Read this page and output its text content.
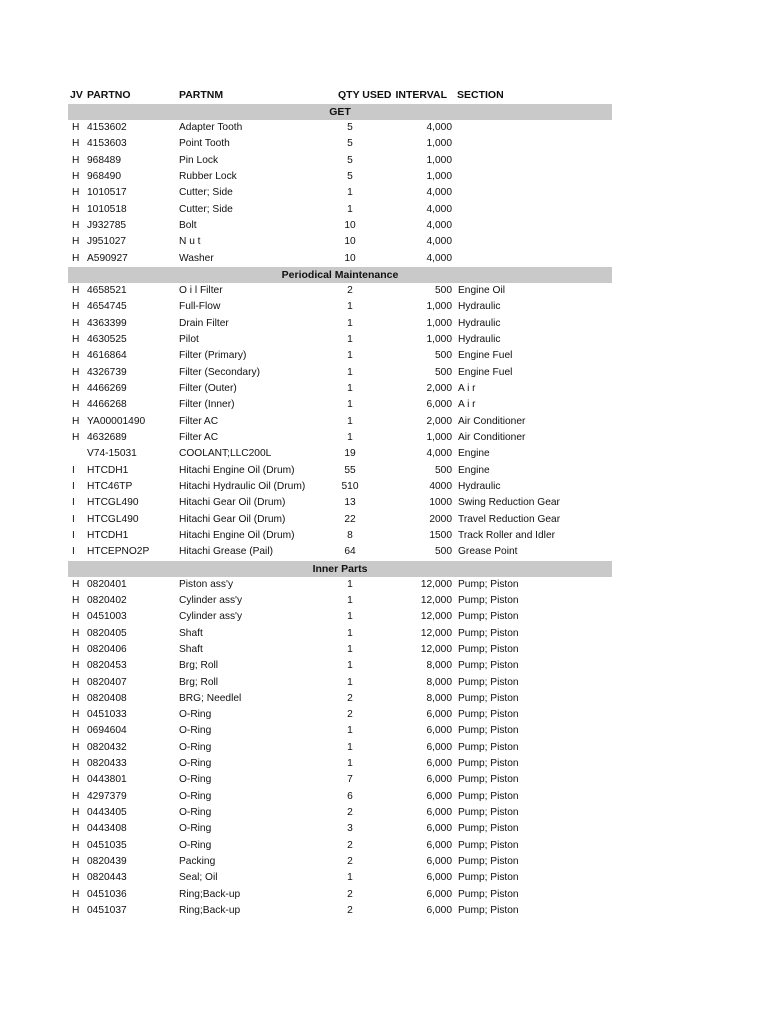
JV PARTNO	PARTNM	QTY USED INTERVAL SECTION
GET
H 4153602	Adapter Tooth	5	4,000
H 4153603	Point Tooth	5	1,000
H 968489	Pin Lock	5	1,000
H 968490	Rubber Lock	5	1,000
H 1010517	Cutter; Side	1	4,000
H 1010518	Cutter; Side	1	4,000
H J932785	Bolt	10	4,000
H J951027	N u t	10	4,000
H A590927	Washer	10	4,000
Periodical Maintenance
H 4658521	O i l Filter	2	500 Engine Oil
H 4654745	Full-Flow	1	1,000 Hydraulic
H 4363399	Drain Filter	1	1,000 Hydraulic
H 4630525	Pilot	1	1,000 Hydraulic
H 4616864	Filter (Primary)	1	500 Engine Fuel
H 4326739	Filter (Secondary)	1	500 Engine Fuel
H 4466269	Filter (Outer)	1	2,000 A i r
H 4466268	Filter (Inner)	1	6,000 A i r
H YA00001490	Filter AC	1	2,000 Air Conditioner
H 4632689	Filter AC	1	1,000 Air Conditioner
V74-15031	COOLANT;LLC200L	19	4,000 Engine
I	HTCDH1	Hitachi Engine Oil (Drum)	55	500 Engine
I	HTC46TP	Hitachi Hydraulic Oil (Drum)	510	4000 Hydraulic
I	HTCGL490	Hitachi Gear Oil (Drum)	13	1000 Swing Reduction Gear
I	HTCGL490	Hitachi Gear Oil (Drum)	22	2000 Travel Reduction Gear
I	HTCDH1	Hitachi Engine Oil (Drum)	8	1500 Track Roller and Idler
I	HTCEPNO2P	Hitachi Grease (Pail)	64	500 Grease Point
Inner Parts
H 0820401	Piston ass'y	1	12,000 Pump; Piston
H 0820402	Cylinder ass'y	1	12,000 Pump; Piston
H 0451003	Cylinder ass'y	1	12,000 Pump; Piston
H 0820405	Shaft	1	12,000 Pump; Piston
H 0820406	Shaft	1	12,000 Pump; Piston
H 0820453	Brg; Roll	1	8,000 Pump; Piston
H 0820407	Brg; Roll	1	8,000 Pump; Piston
H 0820408	BRG; Needlel	2	8,000 Pump; Piston
H 0451033	O-Ring	2	6,000 Pump; Piston
H 0694604	O-Ring	1	6,000 Pump; Piston
H 0820432	O-Ring	1	6,000 Pump; Piston
H 0820433	O-Ring	1	6,000 Pump; Piston
H 0443801	O-Ring	7	6,000 Pump; Piston
H 4297379	O-Ring	6	6,000 Pump; Piston
H 0443405	O-Ring	2	6,000 Pump; Piston
H 0443408	O-Ring	3	6,000 Pump; Piston
H 0451035	O-Ring	2	6,000 Pump; Piston
H 0820439	Packing	2	6,000 Pump; Piston
H 0820443	Seal; Oil	1	6,000 Pump; Piston
H 0451036	Ring;Back-up	2	6,000 Pump; Piston
H 0451037	Ring;Back-up	2	6,000 Pump; Piston
